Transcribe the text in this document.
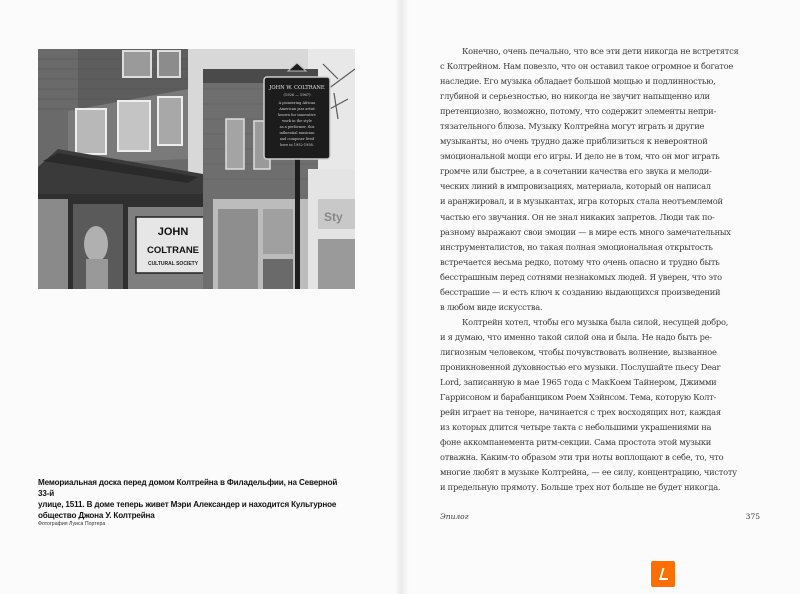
JOHN
COLTRANE
CULTURAL SOCIETY
Sty
JOHN W. COLTRANE
(1926 — 1967)
A pioneering African
American jazz artist
known for innovative
work in the style
as a performer, this
influential musician
and composer lived
here in 1952-1958.
Мемориальная доска перед домом Колтрейна в Филадельфии, на Северной 33-й
улице, 1511. В доме теперь живет Мэри Александер и находится Культурное
общество Джона У. Колтрейна
Фотография Луиса Портера
Конечно, очень печально, что все эти дети никогда не встретятся
с Колтрейном. Нам повезло, что он оставил такое огромное и богатое
наследие. Его музыка обладает большой мощью и подлинностью,
глубиной и серьезностью, но никогда не звучит напыщенно или
претенциозно, возможно, потому, что содержит элементы непри-
тязательного блюза. Музыку Колтрейна могут играть и другие
музыканты, но очень трудно даже приблизиться к невероятной
эмоциональной мощи его игры. И дело не в том, что он мог играть
громче или быстрее, а в сочетании качества его звука и мелоди-
ческих линий в импровизациях, материала, который он написал
и аранжировал, и в музыкантах, игра которых стала неотъемлемой
частью его звучания. Он не знал никаких запретов. Люди так по-
разному выражают свои эмоции — в мире есть много замечательных
инструменталистов, но такая полная эмоциональная открытость
встречается весьма редко, потому что очень опасно и трудно быть
бесстрашным перед сотнями незнакомых людей. Я уверен, что это
бесстрашие — и есть ключ к созданию выдающихся произведений
в любом виде искусства.
Колтрейн хотел, чтобы его музыка была силой, несущей добро,
и я думаю, что именно такой силой она и была. Не надо быть ре-
лигиозным человеком, чтобы почувствовать волнение, вызванное
проникновенной духовностью его музыки. Послушайте пьесу Dear
Lord, записанную в мае 1965 года с МакКоем Тайнером, Джимми
Гаррисоном и барабанщиком Роем Хэйнсом. Тема, которую Колт-
рейн играет на теноре, начинается с трех восходящих нот, каждая
из которых длится четыре такта с небольшими украшениями на
фоне аккомпанемента ритм-секции. Сама простота этой музыки
отважна. Каким-то образом эти три ноты воплощают в себе, то, что
многие любят в музыке Колтрейна, — ее силу, концентрацию, чистоту
и предельную прямоту. Больше трех нот больше не будет никогда.
Эпилог	375
